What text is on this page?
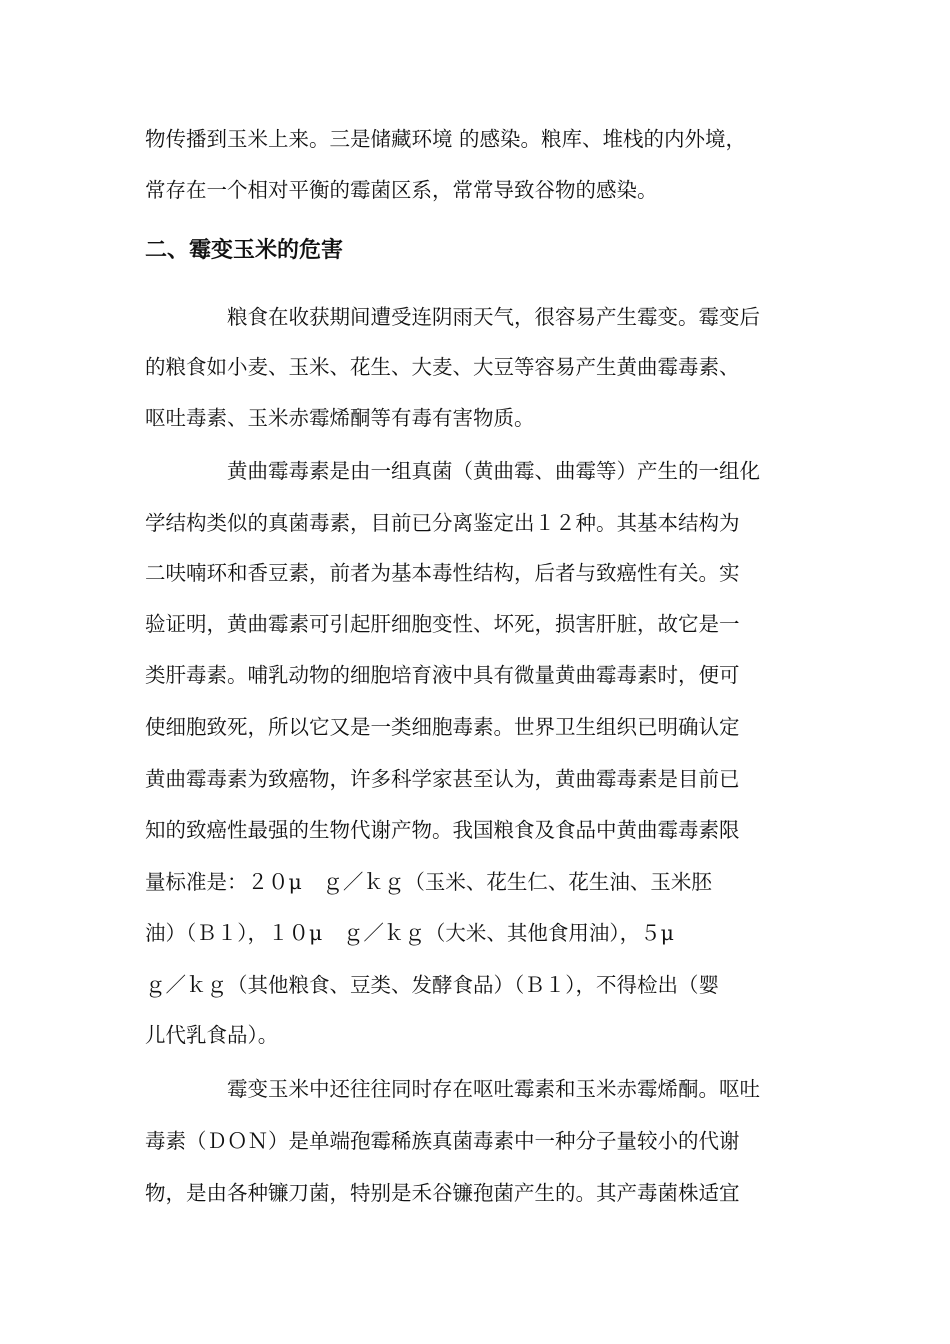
物传播到玉米上来。三是储藏环境 的感染。粮库、堆栈的内外境，
常存在一个相对平衡的霉菌区系，常常导致谷物的感染。
二、霉变玉米的危害
　　　　粮食在收获期间遭受连阴雨天气，很容易产生霉变。霉变后
的粮食如小麦、玉米、花生、大麦、大豆等容易产生黄曲霉毒素、
呕吐毒素、玉米赤霉烯酮等有毒有害物质。
　　　　黄曲霉毒素是由一组真菌（黄曲霉、曲霉等）产生的一组化
学结构类似的真菌毒素，目前已分离鉴定出１２种。其基本结构为
二呋喃环和香豆素，前者为基本毒性结构，后者与致癌性有关。实
验证明，黄曲霉素可引起肝细胞变性、坏死，损害肝脏，故它是一
类肝毒素。哺乳动物的细胞培育液中具有微量黄曲霉毒素时，便可
使细胞致死，所以它又是一类细胞毒素。世界卫生组织已明确认定
黄曲霉毒素为致癌物，许多科学家甚至认为，黄曲霉毒素是目前已
知的致癌性最强的生物代谢产物。我国粮食及食品中黄曲霉毒素限
量标准是：２０μ　ｇ／ｋｇ（玉米、花生仁、花生油、玉米胚
油）（Ｂ１），１０μ　ｇ／ｋｇ（大米、其他食用油），５μ
ｇ／ｋｇ（其他粮食、豆类、发酵食品）（Ｂ１），不得检出（婴
儿代乳食品）。
　　　　霉变玉米中还往往同时存在呕吐霉素和玉米赤霉烯酮。呕吐
毒素（ＤＯＮ）是单端孢霉稀族真菌毒素中一种分子量较小的代谢
物，是由各种镰刀菌，特别是禾谷镰孢菌产生的。其产毒菌株适宜
